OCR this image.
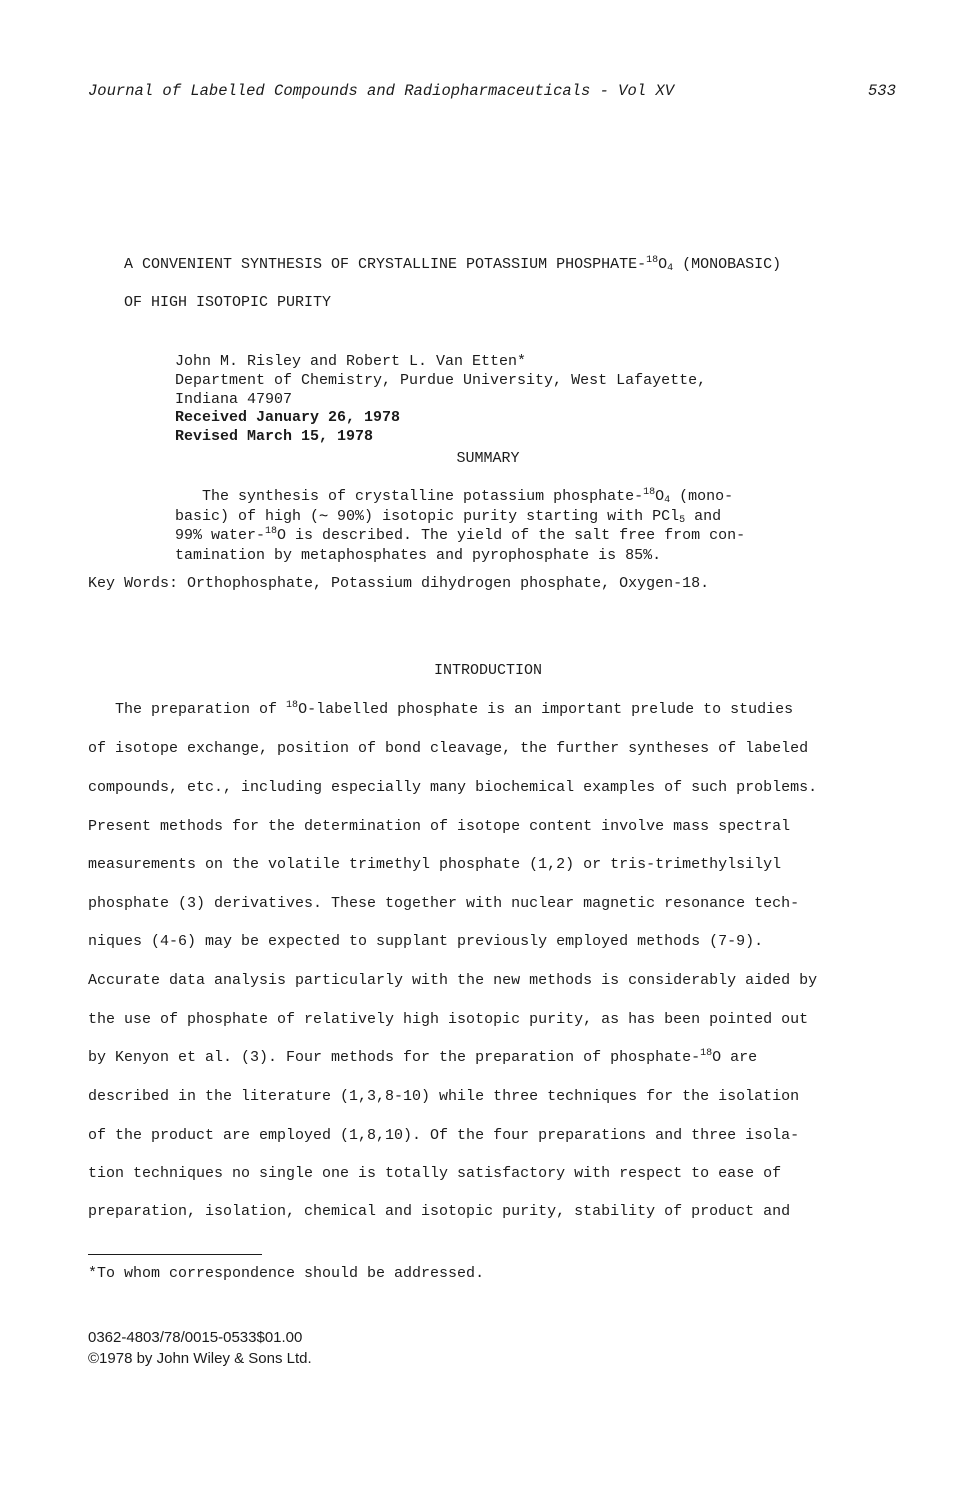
Journal of Labelled Compounds and Radiopharmaceuticals - Vol XV	533
A CONVENIENT SYNTHESIS OF CRYSTALLINE POTASSIUM PHOSPHATE-$^{18}O_4$ (MONOBASIC)
OF HIGH ISOTOPIC PURITY
John M. Risley and Robert L. Van Etten*
Department of Chemistry, Purdue University, West Lafayette,
Indiana 47907
Received January 26, 1978
Revised March 15, 1978
SUMMARY
The synthesis of crystalline potassium phosphate-$^{18}O_4$ (mono-
basic) of high (∼ 90%) isotopic purity starting with PCl$_5$ and
99% water-$^{18}$O is described. The yield of the salt free from con-
tamination by metaphosphates and pyrophosphate is 85%.
Key Words: Orthophosphate, Potassium dihydrogen phosphate, Oxygen-18.
INTRODUCTION
The preparation of $^{18}$O-labelled phosphate is an important prelude to studies
of isotope exchange, position of bond cleavage, the further syntheses of labeled
compounds, etc., including especially many biochemical examples of such problems.
Present methods for the determination of isotope content involve mass spectral
measurements on the volatile trimethyl phosphate (1,2) or tris-trimethylsilyl
phosphate (3) derivatives. These together with nuclear magnetic resonance tech-
niques (4-6) may be expected to supplant previously employed methods (7-9).
Accurate data analysis particularly with the new methods is considerably aided by
the use of phosphate of relatively high isotopic purity, as has been pointed out
by Kenyon et al. (3). Four methods for the preparation of phosphate-$^{18}$O are
described in the literature (1,3,8-10) while three techniques for the isolation
of the product are employed (1,8,10). Of the four preparations and three isola-
tion techniques no single one is totally satisfactory with respect to ease of
preparation, isolation, chemical and isotopic purity, stability of product and
*To whom correspondence should be addressed.
0362-4803/78/0015-0533$01.00
©1978 by John Wiley & Sons Ltd.
